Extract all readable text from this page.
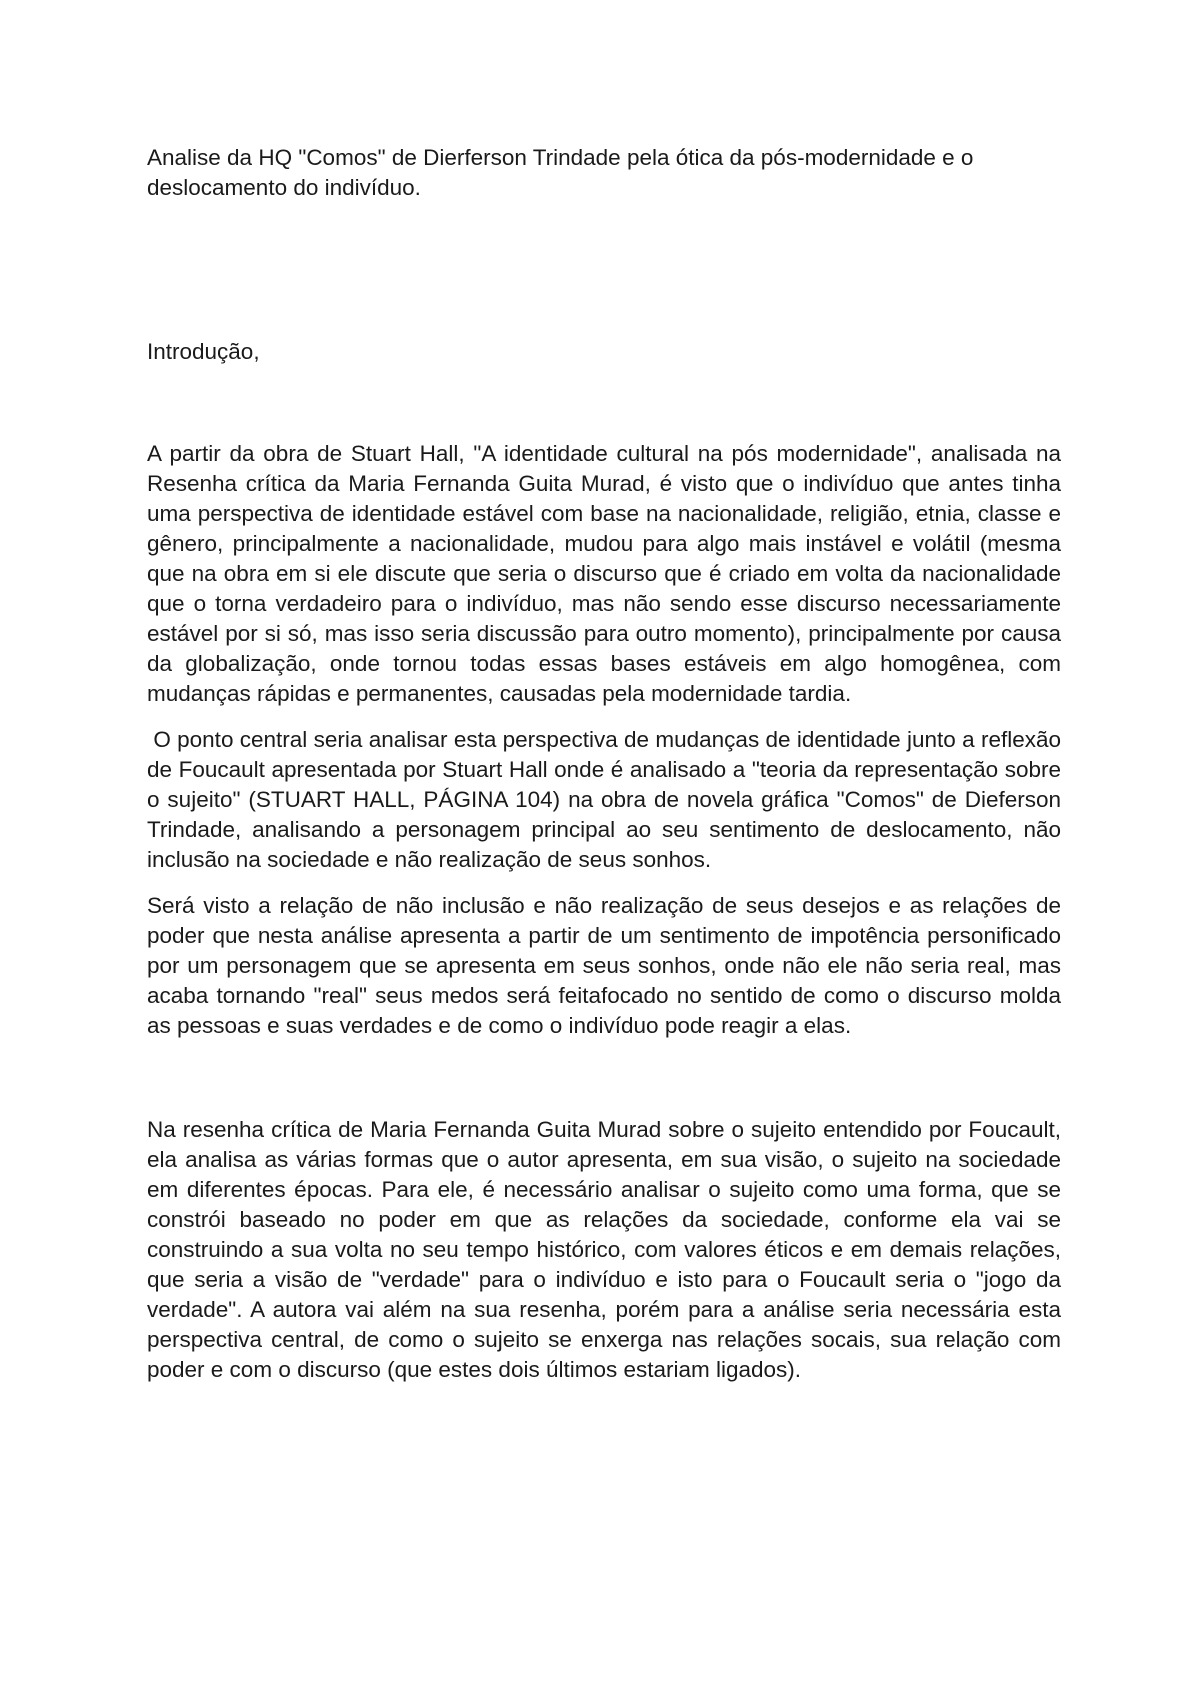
Analise da HQ "Comos" de Dierferson Trindade pela ótica da pós-modernidade e o deslocamento do indivíduo.

Introdução,

A partir da obra de Stuart Hall, "A identidade cultural na pós modernidade", analisada na Resenha crítica da Maria Fernanda Guita Murad, é visto que o indivíduo que antes tinha uma perspectiva de identidade estável com base na nacionalidade, religião, etnia, classe e gênero, principalmente a nacionalidade, mudou para algo mais instável e volátil (mesma que na obra em si ele discute que seria o discurso que é criado em volta da nacionalidade que o torna verdadeiro para o indivíduo, mas não sendo esse discurso necessariamente estável por si só, mas isso seria discussão para outro momento), principalmente por causa da globalização, onde tornou todas essas bases estáveis em algo homogênea, com mudanças rápidas e permanentes, causadas pela modernidade tardia.

O ponto central seria analisar esta perspectiva de mudanças de identidade junto a reflexão de Foucault apresentada por Stuart Hall onde é analisado a "teoria da representação sobre o sujeito" (STUART HALL, PÁGINA 104) na obra de novela gráfica "Comos" de Dieferson Trindade, analisando a personagem principal ao seu sentimento de deslocamento, não inclusão na sociedade e não realização de seus sonhos.

Será visto a relação de não inclusão e não realização de seus desejos e as relações de poder que nesta análise apresenta a partir de um sentimento de impotência personificado por um personagem que se apresenta em seus sonhos, onde não ele não seria real, mas acaba tornando "real" seus medos será feitafocado no sentido de como o discurso molda as pessoas e suas verdades e de como o indivíduo pode reagir a elas.

Na resenha crítica de Maria Fernanda Guita Murad sobre o sujeito entendido por Foucault, ela analisa as várias formas que o autor apresenta, em sua visão, o sujeito na sociedade em diferentes épocas. Para ele, é necessário analisar o sujeito como uma forma, que se constrói baseado no poder em que as relações da sociedade, conforme ela vai se construindo a sua volta no seu tempo histórico, com valores éticos e em demais relações, que seria a visão de "verdade" para o indivíduo e isto para o Foucault seria o "jogo da verdade". A autora vai além na sua resenha, porém para a análise seria necessária esta perspectiva central, de como o sujeito se enxerga nas relações socais, sua relação com poder e com o discurso (que estes dois últimos estariam ligados).
